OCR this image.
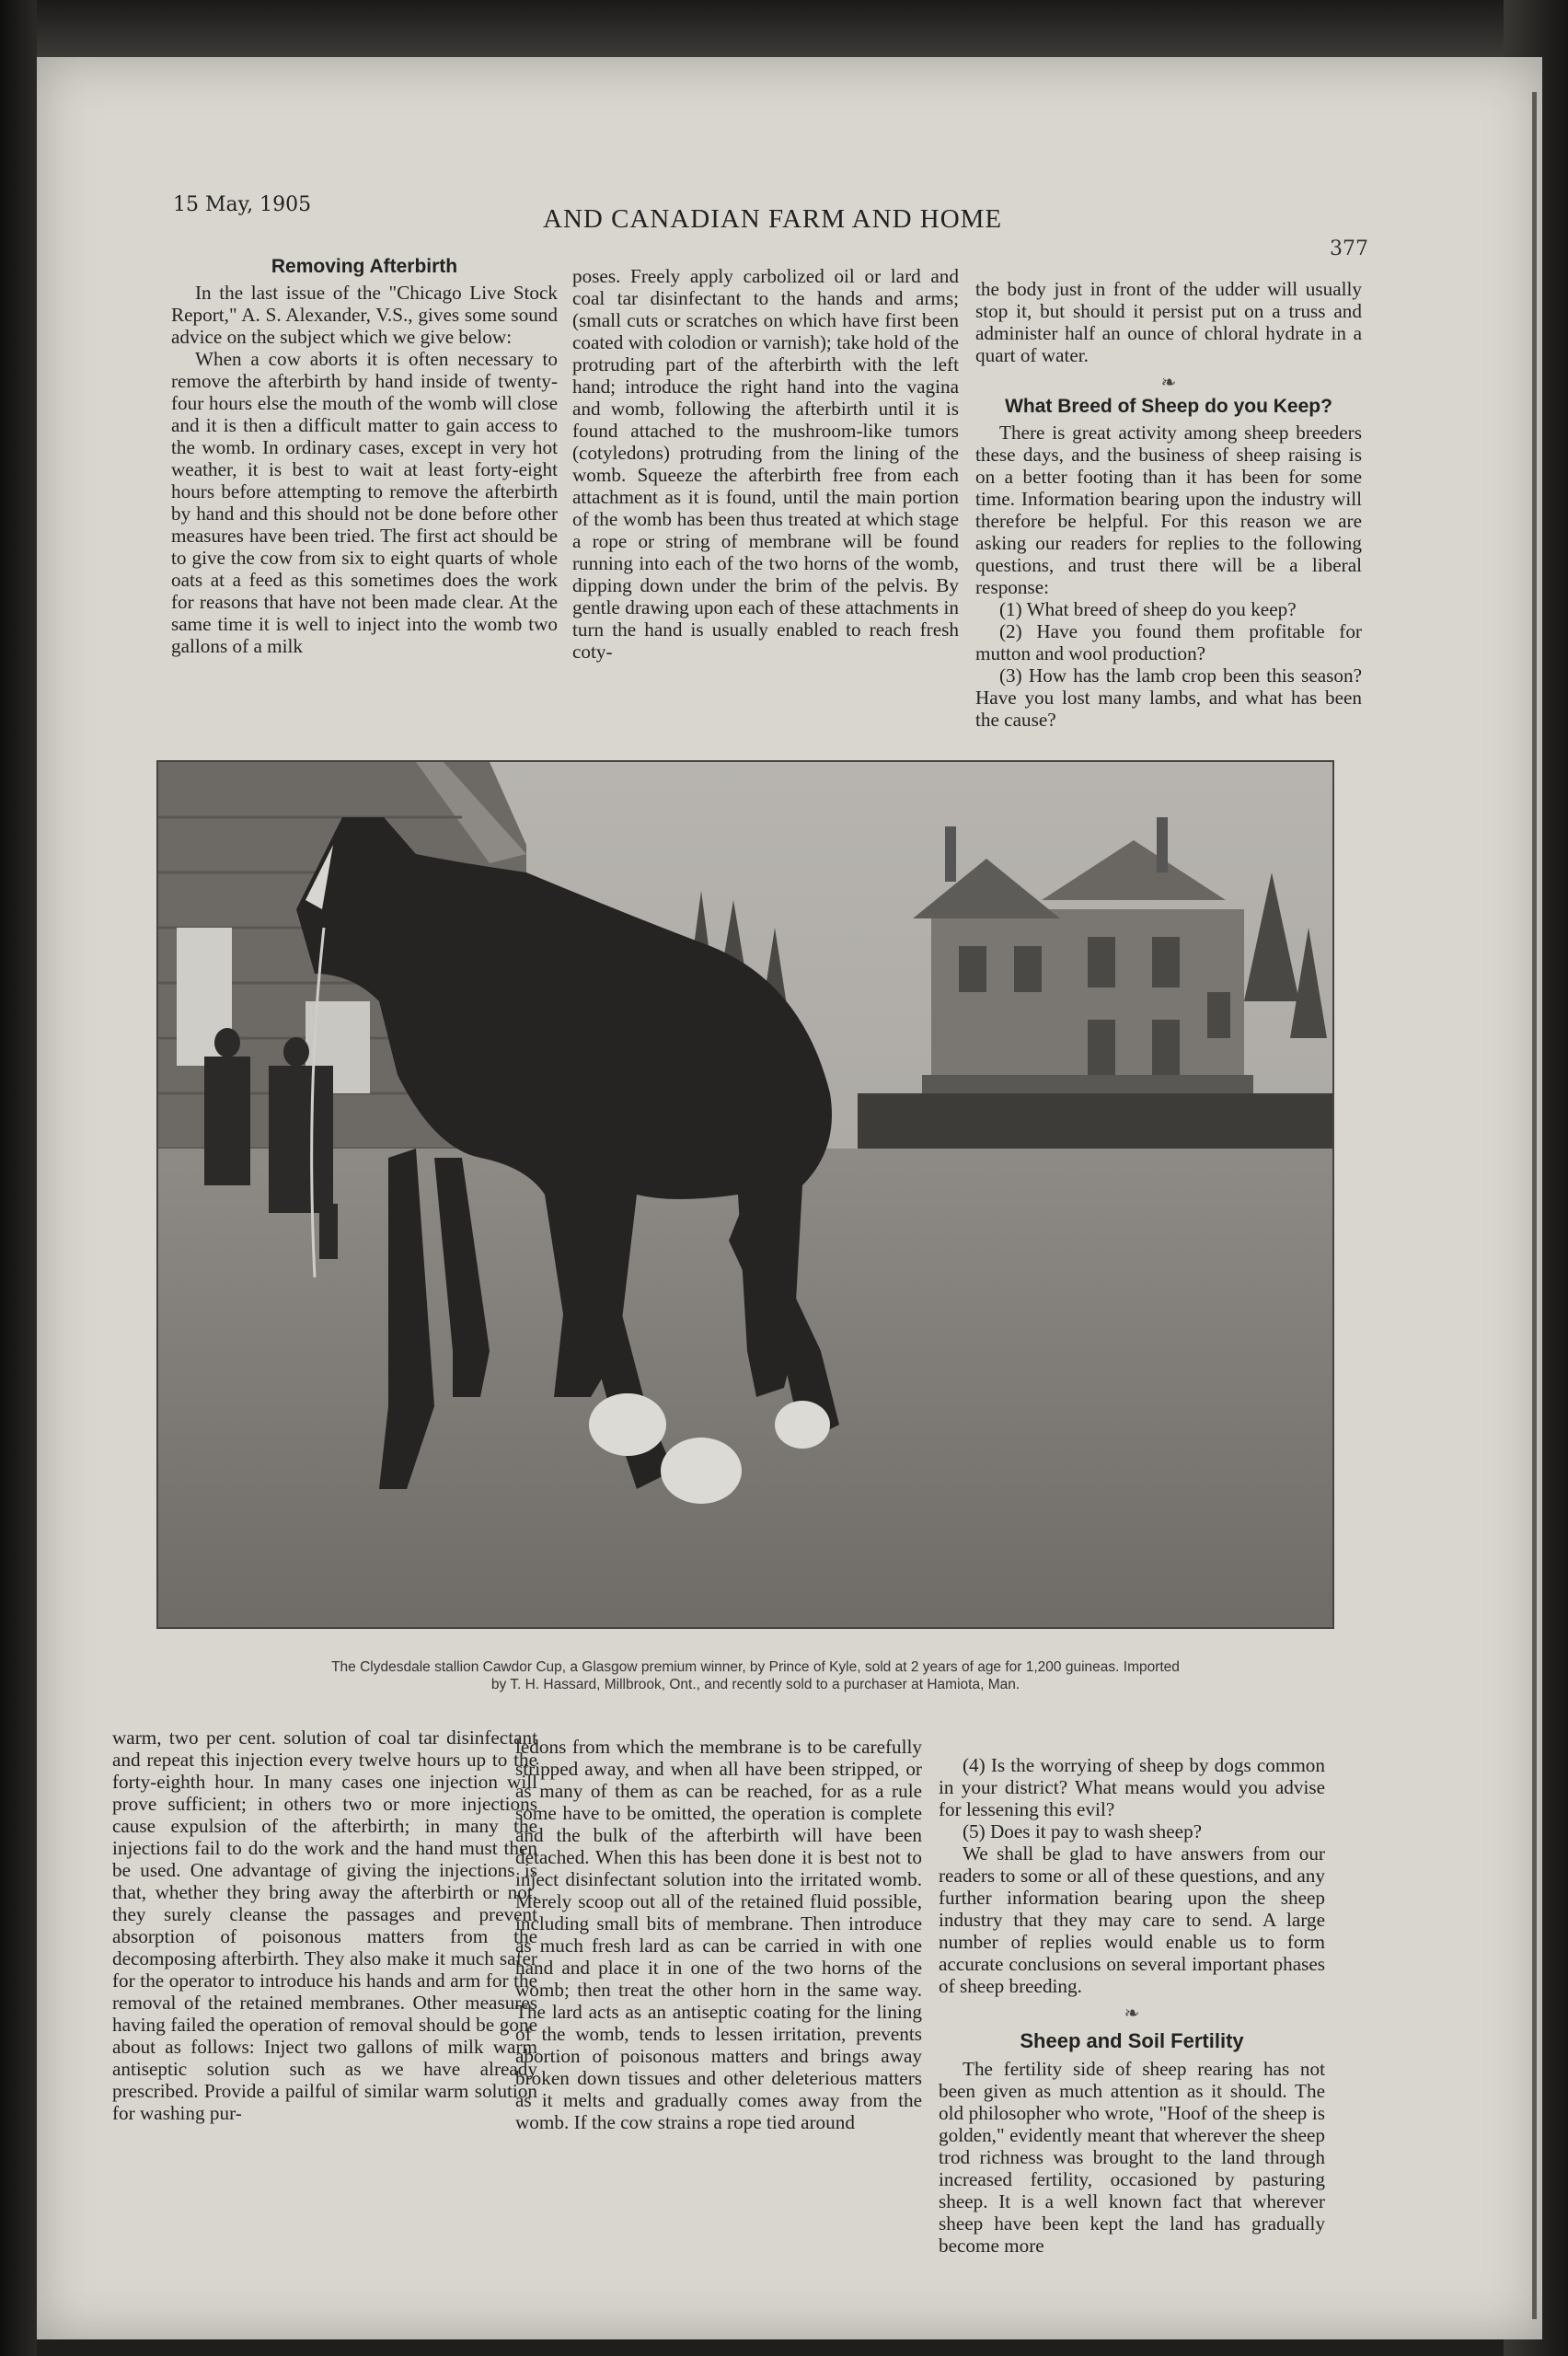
15 May, 1905	AND CANADIAN FARM AND HOME
377
Removing Afterbirth

In the last issue of the "Chicago Live Stock Report," A. S. Alexander, V.S., gives some sound advice on the subject which we give below:

When a cow aborts it is often necessary to remove the afterbirth by hand inside of twenty-four hours else the mouth of the womb will close and it is then a difficult matter to gain access to the womb. In ordinary cases, except in very hot weather, it is best to wait at least forty-eight hours before attempting to remove the afterbirth by hand and this should not be done before other measures have been tried. The first act should be to give the cow from six to eight quarts of whole oats at a feed as this sometimes does the work for reasons that have not been made clear. At the same time it is well to inject into the womb two gallons of a milk

poses. Freely apply carbolized oil or lard and coal tar disinfectant to the hands and arms; (small cuts or scratches on which have first been coated with colodion or varnish); take hold of the protruding part of the afterbirth with the left hand; introduce the right hand into the vagina and womb, following the afterbirth until it is found attached to the mushroom-like tumors (cotyledons) protruding from the lining of the womb. Squeeze the afterbirth free from each attachment as it is found, until the main portion of the womb has been thus treated at which stage a rope or string of membrane will be found running into each of the two horns of the womb, dipping down under the brim of the pelvis. By gentle drawing upon each of these attachments in turn the hand is usually enabled to reach fresh coty-

the body just in front of the udder will usually stop it, but should it persist put on a truss and administer half an ounce of chloral hydrate in a quart of water.

❧
What Breed of Sheep do you Keep?

There is great activity among sheep breeders these days, and the business of sheep raising is on a better footing than it has been for some time. Information bearing upon the industry will therefore be helpful. For this reason we are asking our readers for replies to the following questions, and trust there will be a liberal response:

(1) What breed of sheep do you keep?

(2) Have you found them profitable for mutton and wool production?

(3) How has the lamb crop been this season? Have you lost many lambs, and what has been the cause?

The Clydesdale stallion Cawdor Cup, a Glasgow premium winner, by Prince of Kyle, sold at 2 years of age for 1,200 guineas. Imported
by T. H. Hassard, Millbrook, Ont., and recently sold to a purchaser at Hamiota, Man.

warm, two per cent. solution of coal tar disinfectant and repeat this injection every twelve hours up to the forty-eighth hour. In many cases one injection will prove sufficient; in others two or more injections cause expulsion of the afterbirth; in many the injections fail to do the work and the hand must then be used. One advantage of giving the injections is that, whether they bring away the afterbirth or not, they surely cleanse the passages and prevent absorption of poisonous matters from the decomposing afterbirth. They also make it much safer for the operator to introduce his hands and arm for the removal of the retained membranes. Other measures having failed the operation of removal should be gone about as follows: Inject two gallons of milk warm antiseptic solution such as we have already prescribed. Provide a pailful of similar warm solution for washing pur-

ledons from which the membrane is to be carefully stripped away, and when all have been stripped, or as many of them as can be reached, for as a rule some have to be omitted, the operation is complete and the bulk of the afterbirth will have been detached. When this has been done it is best not to inject disinfectant solution into the irritated womb. Merely scoop out all of the retained fluid possible, including small bits of membrane. Then introduce as much fresh lard as can be carried in with one hand and place it in one of the two horns of the womb; then treat the other horn in the same way. The lard acts as an antiseptic coating for the lining of the womb, tends to lessen irritation, prevents abortion of poisonous matters and brings away broken down tissues and other deleterious matters as it melts and gradually comes away from the womb. If the cow strains a rope tied around

(4) Is the worrying of sheep by dogs common in your district? What means would you advise for lessening this evil?

(5) Does it pay to wash sheep?

We shall be glad to have answers from our readers to some or all of these questions, and any further information bearing upon the sheep industry that they may care to send. A large number of replies would enable us to form accurate conclusions on several important phases of sheep breeding.

❧
Sheep and Soil Fertility

The fertility side of sheep rearing has not been given as much attention as it should. The old philosopher who wrote, "Hoof of the sheep is golden," evidently meant that wherever the sheep trod richness was brought to the land through increased fertility, occasioned by pasturing sheep. It is a well known fact that wherever sheep have been kept the land has gradually become more
